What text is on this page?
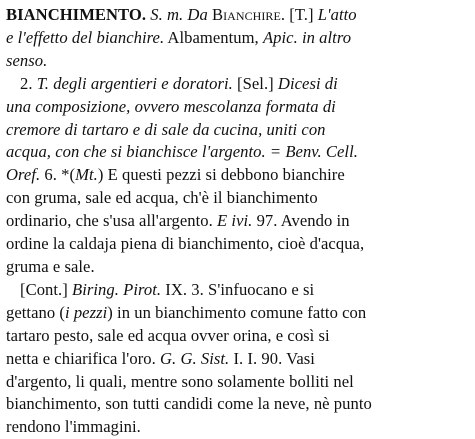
BIANCHIMENTO. S. m. Da Bianchire. [T.] L'atto
e l'effetto del bianchire. Albamentum, Apic. in altro
senso.
2. T. degli argentieri e doratori. [Sel.] Dicesi di
una composizione, ovvero mescolanza formata di
cremore di tartaro e di sale da cucina, uniti con
acqua, con che si bianchisce l'argento. = Benv. Cell.
Oref. 6. *(Mt.) E questi pezzi si debbono bianchire
con gruma, sale ed acqua, ch'è il bianchimento
ordinario, che s'usa all'argento. E ivi. 97. Avendo in
ordine la caldaja piena di bianchimento, cioè d'acqua,
gruma e sale.
[Cont.] Biring. Pirot. IX. 3. S'infuocano e si
gettano (i pezzi) in un bianchimento comune fatto con
tartaro pesto, sale ed acqua ovver orina, e così si
netta e chiarifica l'oro. G. G. Sist. I. I. 90. Vasi
d'argento, li quali, mentre sono solamente bolliti nel
bianchimento, son tutti candidi come la neve, nè punto
rendono l'immagini.
